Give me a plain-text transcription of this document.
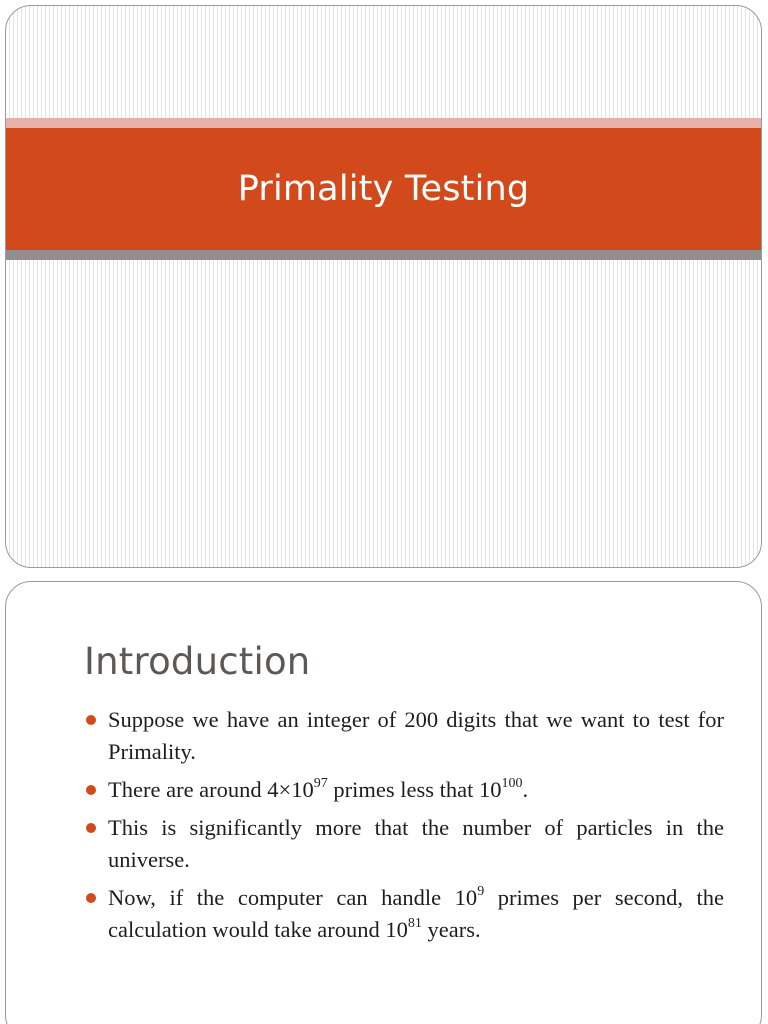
Primality Testing
Introduction
Suppose we have an integer of 200 digits that we want to test for Primality.
There are around $4\times 10^{97}$ primes less that $10^{100}$.
This is significantly more that the number of particles in the universe.
Now, if the computer can handle $10^9$ primes per second, the calculation would take around $10^{81}$ years.
